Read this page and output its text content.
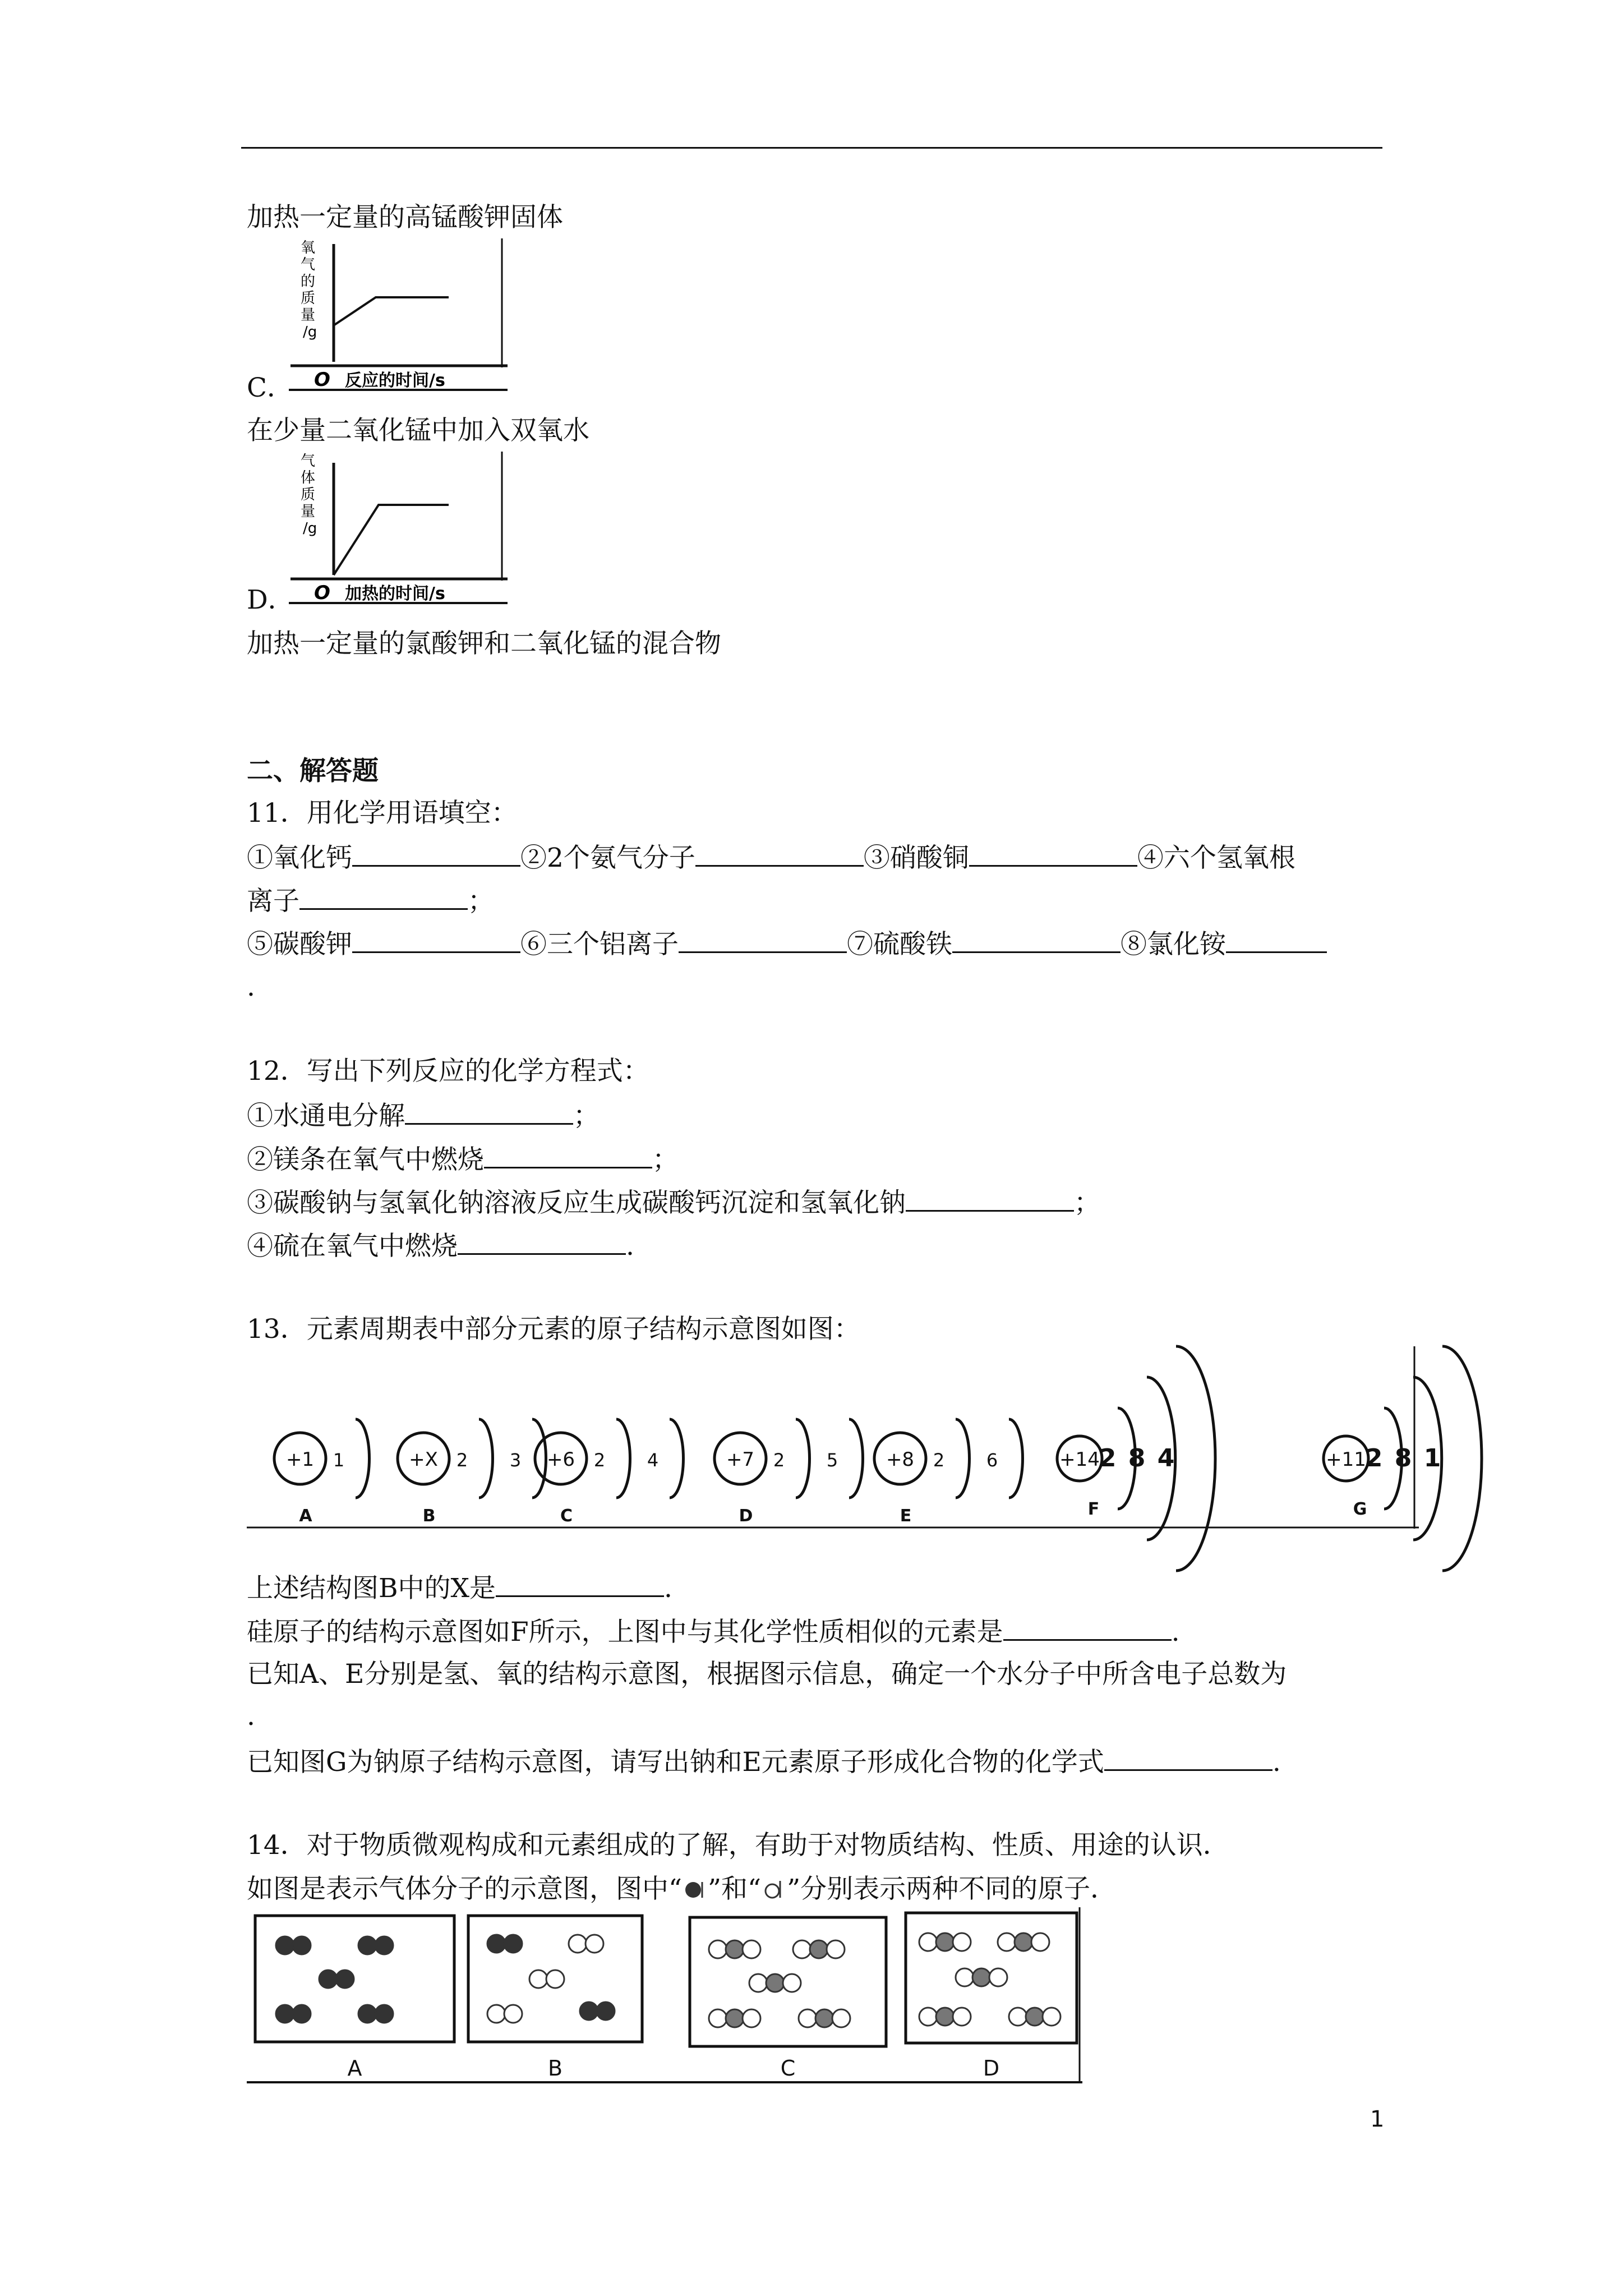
加热一定量的高锰酸钾固体
氧气的质量/g
O 反应的时间/s
C．
在少量二氧化锰中加入双氧水
气体质量/g
O 加热的时间/s
D．
加热一定量的氯酸钾和二氧化锰的混合物
二、解答题
11．用化学用语填空：
①氧化钙	②2个氨气分子	③硝酸铜	④六个氢氧根
离子	；
⑤碳酸钾	⑥三个铝离子	⑦硫酸铁	⑧氯化铵
.
12．写出下列反应的化学方程式：
①水通电分解	；
②镁条在氧气中燃烧	；
③碳酸钠与氢氧化钠溶液反应生成碳酸钙沉淀和氢氧化钠	；
④硫在氧气中燃烧	.
13．元素周期表中部分元素的原子结构示意图如图：
+1 1
A
+X 2 3
B
+6 2 4
C
+7 2 5
D
+8 2 6
E
+14
2 8 4
F
+11
2 8 1
G
上述结构图B中的X是	.
硅原子的结构示意图如F所示，上图中与其化学性质相似的元素是	.
已知A、E分别是氢、氧的结构示意图，根据图示信息，确定一个水分子中所含电子总数为
.
已知图G为钠原子结构示意图，请写出钠和E元素原子形成化合物的化学式	.
14．对于物质微观构成和元素组成的了解，有助于对物质结构、性质、用途的认识．
如图是表示气体分子的示意图，图中“ ”和“ ”分别表示两种不同的原子．
A	B	C	D
1
